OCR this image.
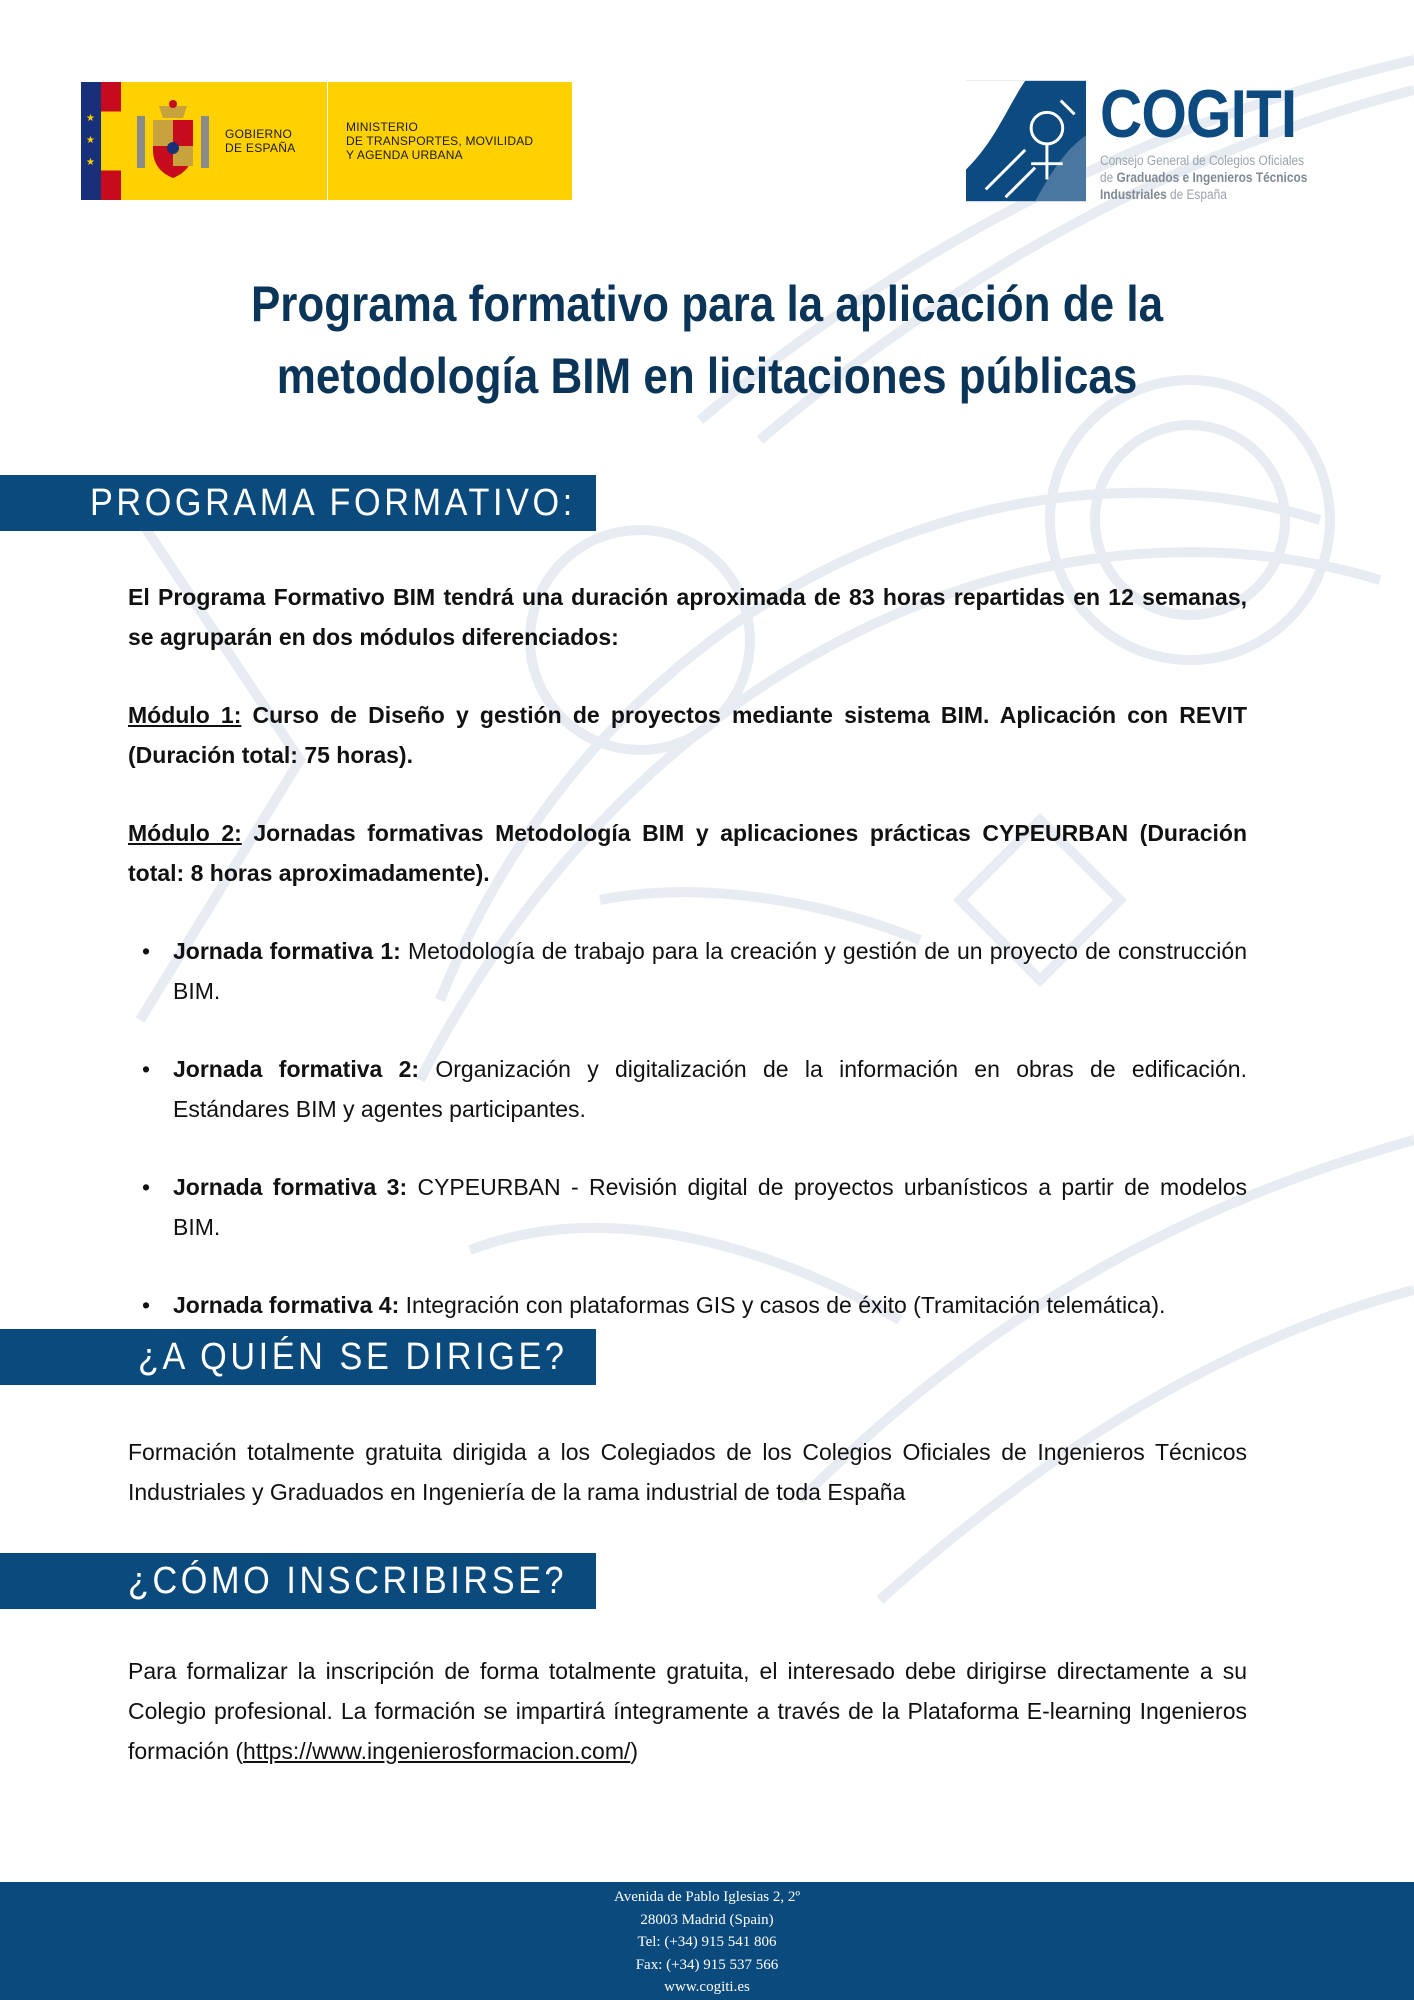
★
★
★
GOBIERNO
DE ESPAÑA
MINISTERIO
DE TRANSPORTES, MOVILIDAD
Y AGENDA URBANA
COGITI
Consejo General de Colegios Oficiales
de Graduados e Ingenieros Técnicos
Industriales de España
Programa formativo para la aplicación de la
metodología BIM en licitaciones públicas
PROGRAMA FORMATIVO:

El Programa Formativo BIM tendrá una duración aproximada de 83 horas repartidas en 12 semanas, se agruparán en dos módulos diferenciados:

Módulo 1: Curso de Diseño y gestión de proyectos mediante sistema BIM. Aplicación con REVIT (Duración total: 75 horas).

Módulo 2: Jornadas formativas Metodología BIM y aplicaciones prácticas CYPEURBAN (Duración total: 8 horas aproximadamente).

• Jornada formativa 1: Metodología de trabajo para la creación y gestión de un proyecto de construcción BIM.
• Jornada formativa 2: Organización y digitalización de la información en obras de edificación. Estándares BIM y agentes participantes.
• Jornada formativa 3: CYPEURBAN - Revisión digital de proyectos urbanísticos a partir de modelos BIM.
• Jornada formativa 4: Integración con plataformas GIS y casos de éxito (Tramitación telemática).
¿A QUIÉN SE DIRIGE?

Formación totalmente gratuita dirigida a los Colegiados de los Colegios Oficiales de Ingenieros Técnicos Industriales y Graduados en Ingeniería de la rama industrial de toda España

¿CÓMO INSCRIBIRSE?

Para formalizar la inscripción de forma totalmente gratuita, el interesado debe dirigirse directamente a su Colegio profesional. La formación se impartirá íntegramente a través de la Plataforma E-learning Ingenieros formación (https://www.ingenierosformacion.com/)

Avenida de Pablo Iglesias 2, 2º
28003 Madrid (Spain)
Tel: (+34) 915 541 806
Fax: (+34) 915 537 566
www.cogiti.es
